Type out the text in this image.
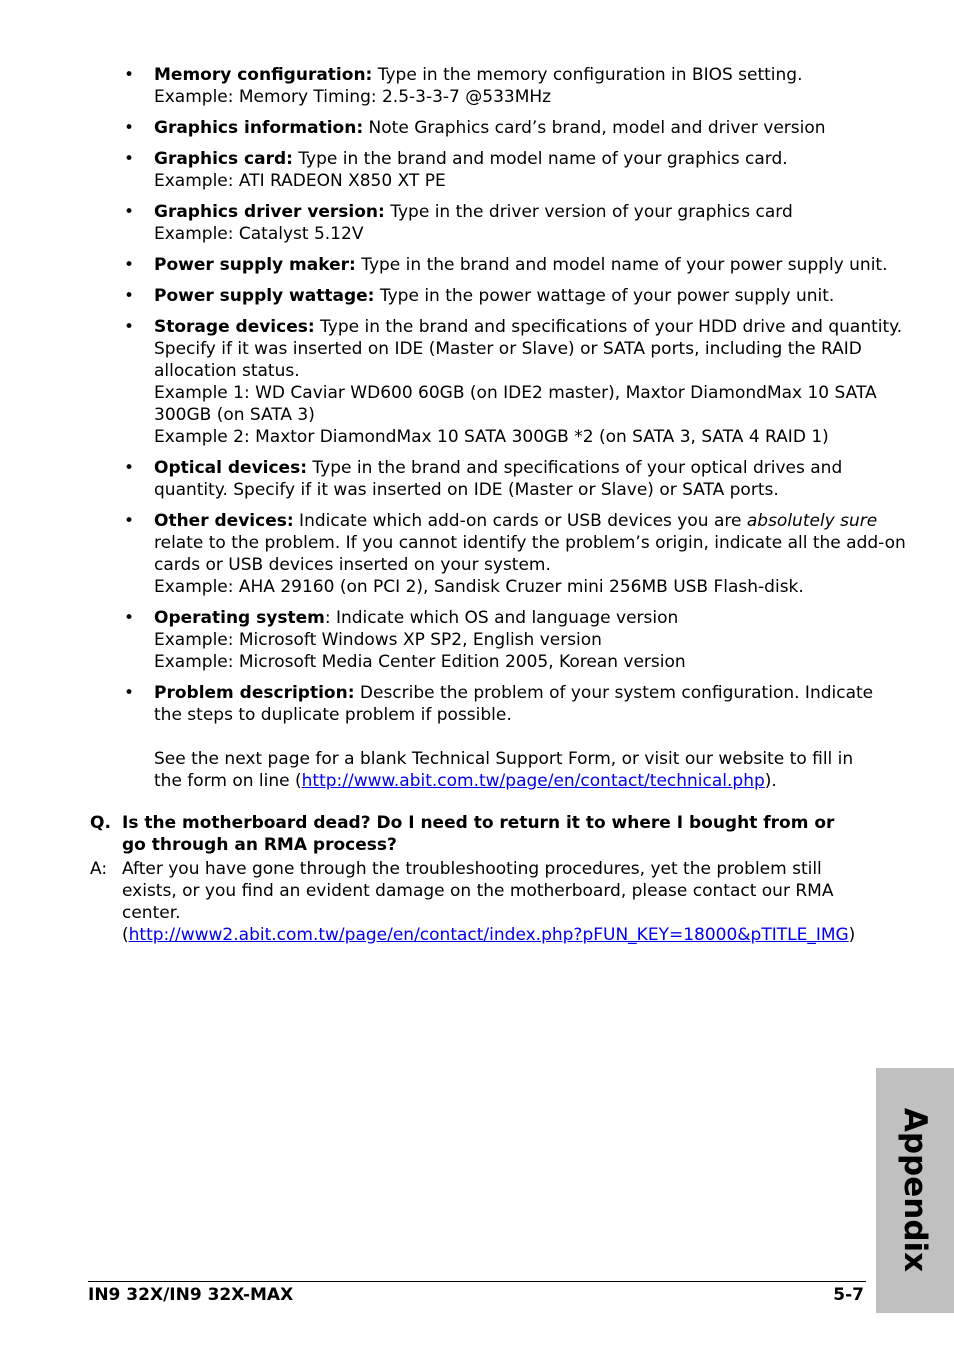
• Memory configuration: Type in the memory configuration in BIOS setting.
Example: Memory Timing: 2.5-3-3-7 @533MHz
• Graphics information: Note Graphics card’s brand, model and driver version
• Graphics card: Type in the brand and model name of your graphics card.
Example: ATI RADEON X850 XT PE
• Graphics driver version: Type in the driver version of your graphics card
Example: Catalyst 5.12V
• Power supply maker: Type in the brand and model name of your power supply unit.
• Power supply wattage: Type in the power wattage of your power supply unit.
• Storage devices: Type in the brand and specifications of your HDD drive and quantity.
Specify if it was inserted on IDE (Master or Slave) or SATA ports, including the RAID
allocation status.
Example 1: WD Caviar WD600 60GB (on IDE2 master), Maxtor DiamondMax 10 SATA
300GB (on SATA 3)
Example 2: Maxtor DiamondMax 10 SATA 300GB *2 (on SATA 3, SATA 4 RAID 1)
• Optical devices: Type in the brand and specifications of your optical drives and
quantity. Specify if it was inserted on IDE (Master or Slave) or SATA ports.
• Other devices: Indicate which add-on cards or USB devices you are absolutely sure
relate to the problem. If you cannot identify the problem’s origin, indicate all the add-on
cards or USB devices inserted on your system.
Example: AHA 29160 (on PCI 2), Sandisk Cruzer mini 256MB USB Flash-disk.
• Operating system: Indicate which OS and language version
Example: Microsoft Windows XP SP2, English version
Example: Microsoft Media Center Edition 2005, Korean version
• Problem description: Describe the problem of your system configuration. Indicate
the steps to duplicate problem if possible.
See the next page for a blank Technical Support Form, or visit our website to fill in the form on line (http://www.abit.com.tw/page/en/contact/technical.php).
Q. Is the motherboard dead? Do I need to return it to where I bought from or go through an RMA process?
A: After you have gone through the troubleshooting procedures, yet the problem still exists, or you find an evident damage on the motherboard, please contact our RMA center.
(http://www2.abit.com.tw/page/en/contact/index.php?pFUN_KEY=18000&pTITLE_IMG)
IN9 32X/IN9 32X-MAX	5-7
Appendix
